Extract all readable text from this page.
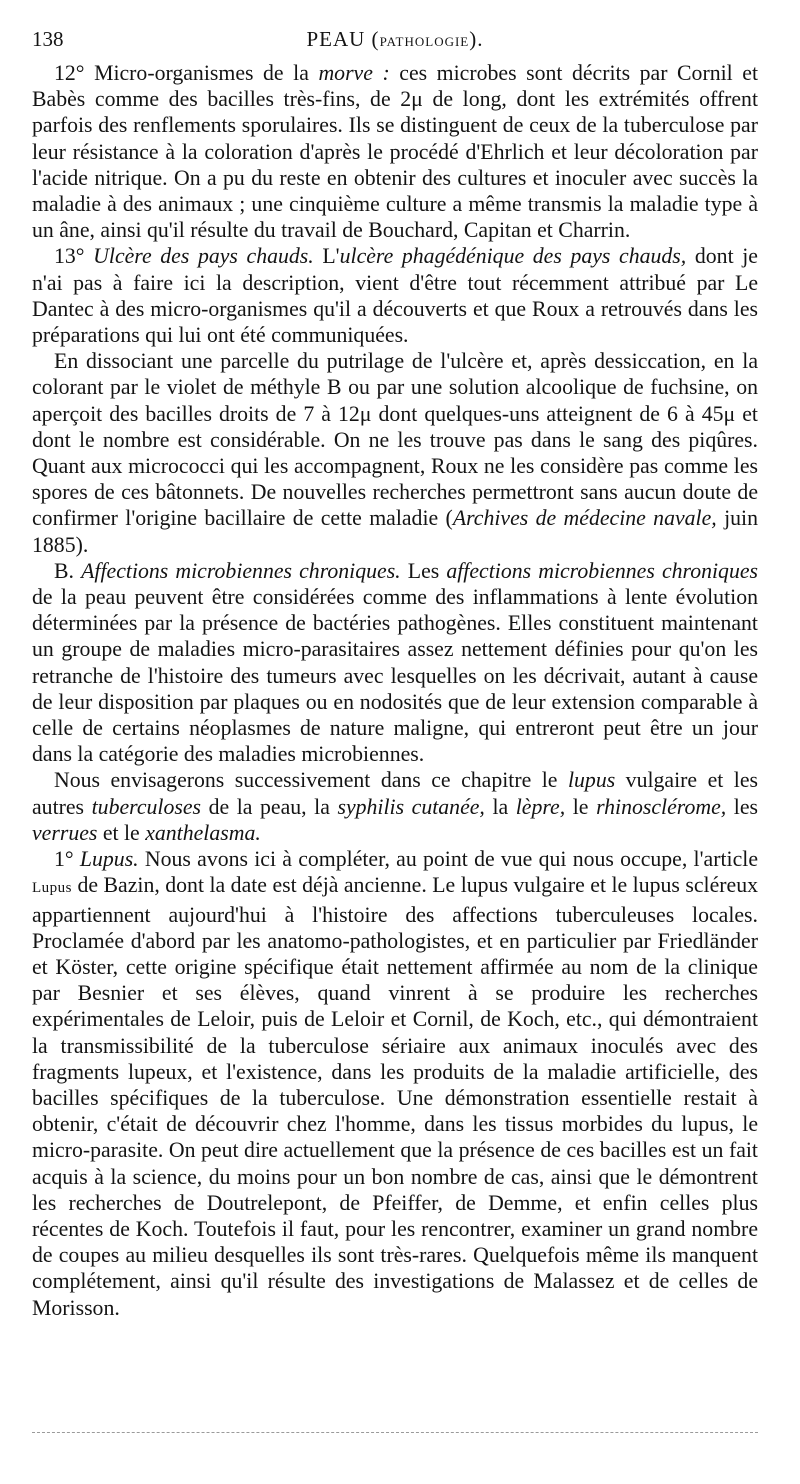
138	PEAU (PATHOLOGIE).

12° Micro-organismes de la morve : ces microbes sont décrits par Cornil et Babès comme des bacilles très-fins, de 2μ de long, dont les extrémités offrent parfois des renflements sporulaires. Ils se distinguent de ceux de la tuberculose par leur résistance à la coloration d'après le procédé d'Ehrlich et leur décoloration par l'acide nitrique. On a pu du reste en obtenir des cultures et inoculer avec succès la maladie à des animaux ; une cinquième culture a même transmis la maladie type à un âne, ainsi qu'il résulte du travail de Bouchard, Capitan et Charrin.

13° Ulcère des pays chauds. L'ulcère phagédénique des pays chauds, dont je n'ai pas à faire ici la description, vient d'être tout récemment attribué par Le Dantec à des micro-organismes qu'il a découverts et que Roux a retrouvés dans les préparations qui lui ont été communiquées.

En dissociant une parcelle du putrilage de l'ulcère et, après dessiccation, en la colorant par le violet de méthyle B ou par une solution alcoolique de fuchsine, on aperçoit des bacilles droits de 7 à 12μ dont quelques-uns atteignent de 6 à 45μ et dont le nombre est considérable. On ne les trouve pas dans le sang des piqûres. Quant aux micrococci qui les accompagnent, Roux ne les considère pas comme les spores de ces bâtonnets. De nouvelles recherches permettront sans aucun doute de confirmer l'origine bacillaire de cette maladie (Archives de médecine navale, juin 1885).

B. Affections microbiennes chroniques. Les affections microbiennes chroniques de la peau peuvent être considérées comme des inflammations à lente évolution déterminées par la présence de bactéries pathogènes. Elles constituent maintenant un groupe de maladies micro-parasitaires assez nettement définies pour qu'on les retranche de l'histoire des tumeurs avec lesquelles on les décrivait, autant à cause de leur disposition par plaques ou en nodosités que de leur extension comparable à celle de certains néoplasmes de nature maligne, qui entreront peut être un jour dans la catégorie des maladies microbiennes.

Nous envisagerons successivement dans ce chapitre le lupus vulgaire et les autres tuberculoses de la peau, la syphilis cutanée, la lèpre, le rhinosclérome, les verrues et le xanthelasma.

1° Lupus. Nous avons ici à compléter, au point de vue qui nous occupe, l'article Lupus de Bazin, dont la date est déjà ancienne. Le lupus vulgaire et le lupus scléreux appartiennent aujourd'hui à l'histoire des affections tuberculeuses locales. Proclamée d'abord par les anatomo-pathologistes, et en particulier par Friedländer et Köster, cette origine spécifique était nettement affirmée au nom de la clinique par Besnier et ses élèves, quand vinrent à se produire les recherches expérimentales de Leloir, puis de Leloir et Cornil, de Koch, etc., qui démontraient la transmissibilité de la tuberculose sériaire aux animaux inoculés avec des fragments lupeux, et l'existence, dans les produits de la maladie artificielle, des bacilles spécifiques de la tuberculose. Une démonstration essentielle restait à obtenir, c'était de découvrir chez l'homme, dans les tissus morbides du lupus, le micro-parasite. On peut dire actuellement que la présence de ces bacilles est un fait acquis à la science, du moins pour un bon nombre de cas, ainsi que le démontrent les recherches de Doutrelepont, de Pfeiffer, de Demme, et enfin celles plus récentes de Koch. Toutefois il faut, pour les rencontrer, examiner un grand nombre de coupes au milieu desquelles ils sont très-rares. Quelquefois même ils manquent complétement, ainsi qu'il résulte des investigations de Malassez et de celles de Morisson.
